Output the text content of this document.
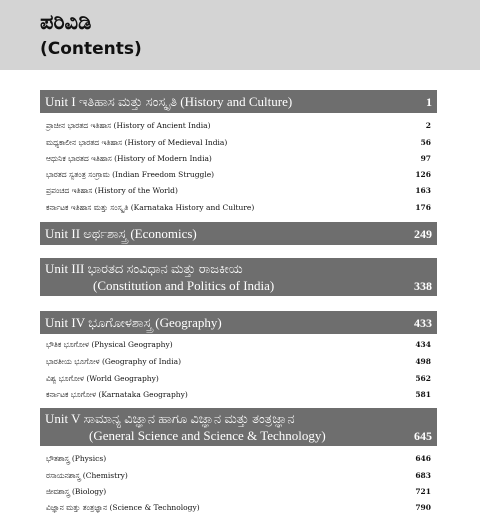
ಪರಿವಿಡಿ
(Contents)
Unit I ಇತಿಹಾಸ ಮತ್ತು ಸಂಸ್ಕೃತಿ (History and Culture)	1
ಪ್ರಾಚೀನ ಭಾರತದ ಇತಿಹಾಸ (History of Ancient India)	2
ಮಧ್ಯಕಾಲೀನ ಭಾರತದ ಇತಿಹಾಸ (History of Medieval India)	56
ಆಧುನಿಕ ಭಾರತದ ಇತಿಹಾಸ (History of Modern India)	97
ಭಾರತದ ಸ್ವತಂತ್ರ ಸಂಗ್ರಾಮ (Indian Freedom Struggle)	126
ಪ್ರಪಂಚದ ಇತಿಹಾಸ (History of the World)	163
ಕರ್ನಾಟಕ ಇತಿಹಾಸ ಮತ್ತು ಸಂಸ್ಕೃತಿ (Karnataka History and Culture)	176
Unit II ಅರ್ಥಶಾಸ್ತ್ರ (Economics)	249
Unit III ಭಾರತದ ಸಂವಿಧಾನ ಮತ್ತು ರಾಜಕೀಯ
(Constitution and Politics of India)	338
Unit IV ಭೂಗೋಳಶಾಸ್ತ್ರ (Geography)	433
ಭೌತಿಕ ಭೂಗೋಳ (Physical Geography)	434
ಭಾರತೀಯ ಭೂಗೋಳ (Geography of India)	498
ವಿಶ್ವ ಭೂಗೋಳ (World Geography)	562
ಕರ್ನಾಟಕ ಭೂಗೋಳ (Karnataka Geography)	581
Unit V ಸಾಮಾನ್ಯ ವಿಜ್ಞಾನ ಹಾಗೂ ವಿಜ್ಞಾನ ಮತ್ತು ತಂತ್ರಜ್ಞಾನ
(General Science and Science & Technology)	645
ಭೌತಶಾಸ್ತ್ರ (Physics)	646
ರಸಾಯನಶಾಸ್ತ್ರ (Chemistry)	683
ಜೀವಶಾಸ್ತ್ರ (Biology)	721
ವಿಜ್ಞಾನ ಮತ್ತು ತಂತ್ರಜ್ಞಾನ (Science & Technology)	790
